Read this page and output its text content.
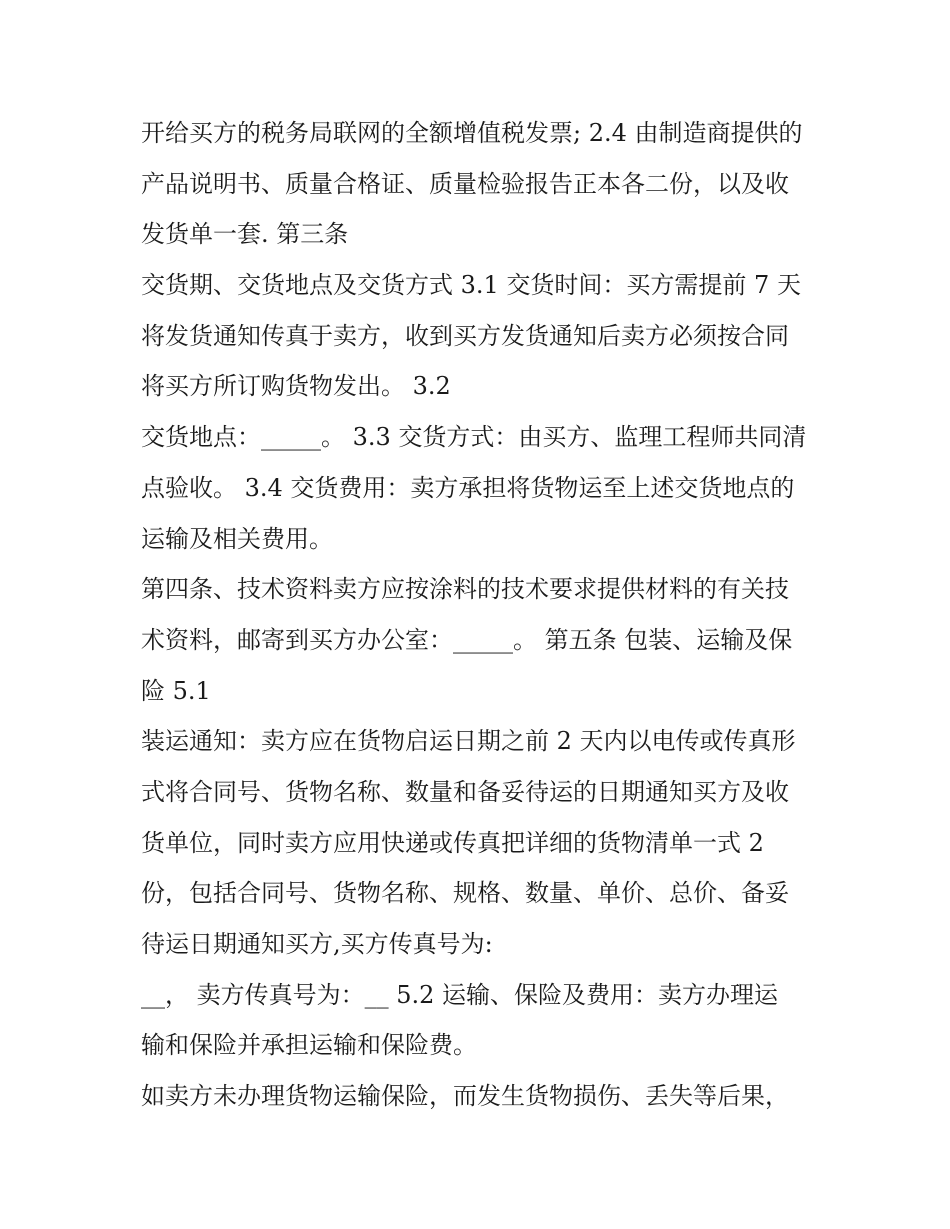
开给买方的税务局联网的全额增值税发票; 2.4 由制造商提供的
产品说明书、质量合格证、质量检验报告正本各二份，以及收
发货单一套. 第三条
交货期、交货地点及交货方式 3.1 交货时间：买方需提前 7 天
将发货通知传真于卖方，收到买方发货通知后卖方必须按合同
将买方所订购货物发出。 3.2
交货地点：_____。 3.3 交货方式：由买方、监理工程师共同清
点验收。 3.4 交货费用：卖方承担将货物运至上述交货地点的
运输及相关费用。
第四条、技术资料卖方应按涂料的技术要求提供材料的有关技
术资料，邮寄到买方办公室：_____。 第五条 包装、运输及保
险 5.1
装运通知：卖方应在货物启运日期之前 2 天内以电传或传真形
式将合同号、货物名称、数量和备妥待运的日期通知买方及收
货单位，同时卖方应用快递或传真把详细的货物清单一式 2
份，包括合同号、货物名称、规格、数量、单价、总价、备妥
待运日期通知买方,买方传真号为:
__， 卖方传真号为：__ 5.2 运输、保险及费用：卖方办理运
输和保险并承担运输和保险费。
如卖方未办理货物运输保险，而发生货物损伤、丢失等后果，
